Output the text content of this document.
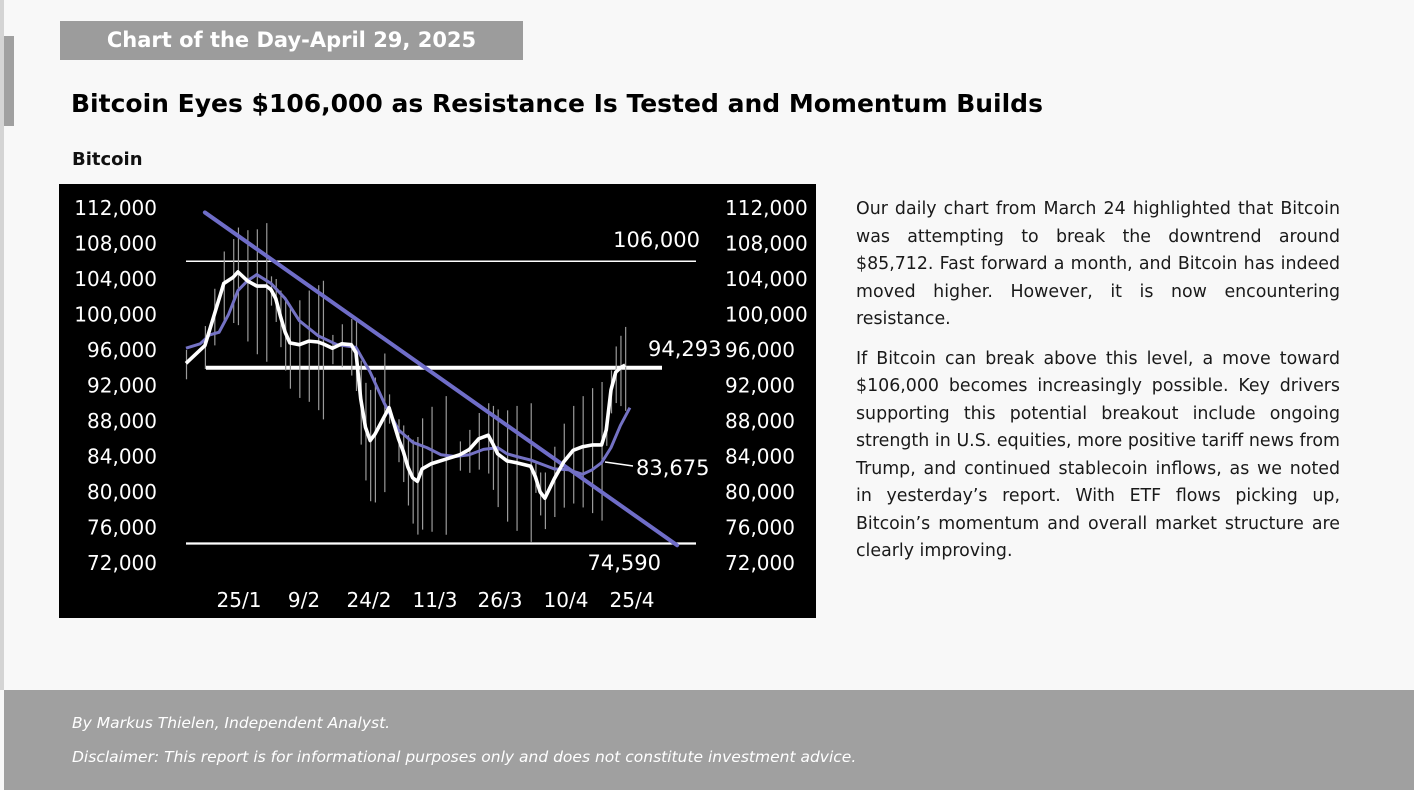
Chart of the Day-April 29, 2025
Bitcoin Eyes $106,000 as Resistance Is Tested and Momentum Builds
Bitcoin
112,000	112,000
108,000	108,000
104,000	104,000
100,000	100,000
96,000	96,000
92,000	92,000
88,000	88,000
84,000	84,000
80,000	80,000
76,000	76,000
72,000	72,000
25/1 9/2 24/2 11/3 26/3 10/4 25/4
106,000
94,293
83,675
74,590

Our daily chart from March 24 highlighted that Bitcoin was attempting to break the downtrend around $85,712. Fast forward a month, and Bitcoin has indeed moved higher. However, it is now encountering resistance.

If Bitcoin can break above this level, a move toward $106,000 becomes increasingly possible. Key drivers supporting this potential breakout include ongoing strength in U.S. equities, more positive tariff news from Trump, and continued stablecoin inflows, as we noted in yesterday’s report. With ETF flows picking up, Bitcoin’s momentum and overall market structure are clearly improving.

By Markus Thielen, Independent Analyst.
Disclaimer: This report is for informational purposes only and does not constitute investment advice.
